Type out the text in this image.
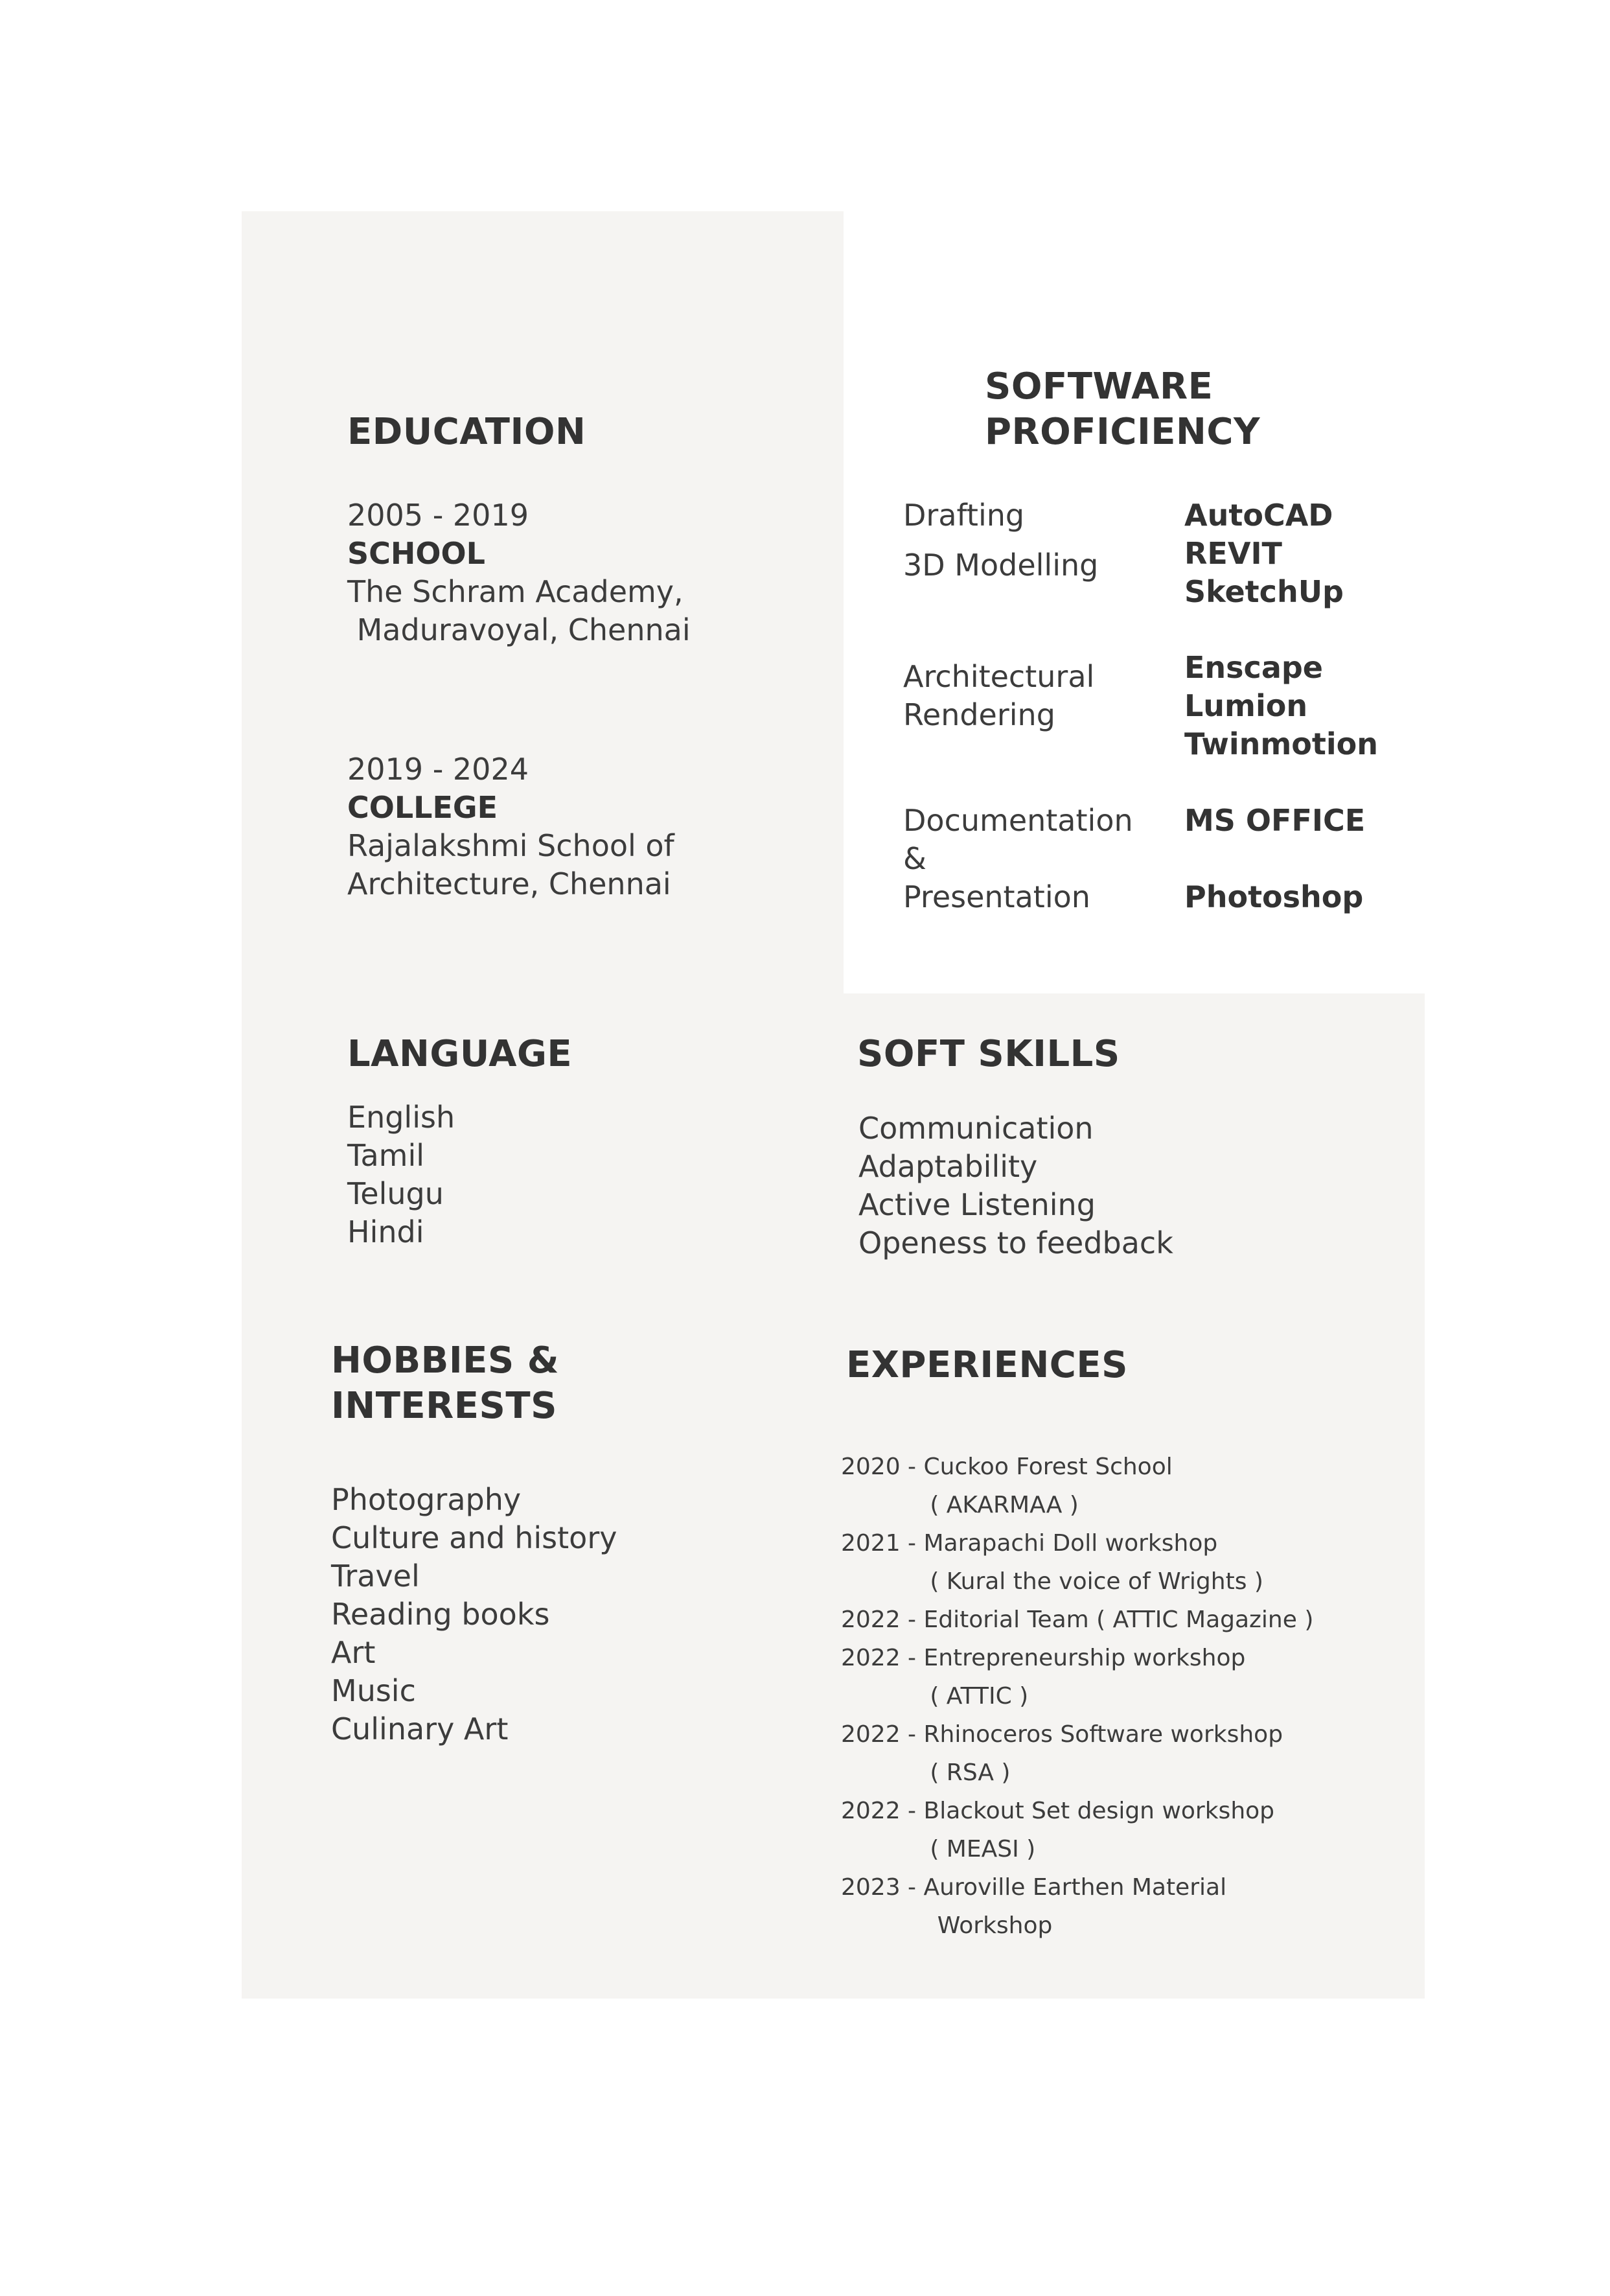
EDUCATION
2005 - 2019
SCHOOL
The Schram Academy,
Maduravoyal, Chennai
2019 - 2024
COLLEGE
Rajalakshmi School of
Architecture, Chennai
SOFTWARE
PROFICIENCY
Drafting
3D Modelling
Architectural
Rendering
Documentation
&
Presentation
AutoCAD
REVIT
SketchUp
Enscape
Lumion
Twinmotion
MS OFFICE
Photoshop
LANGUAGE
English
Tamil
Telugu
Hindi
SOFT SKILLS
Communication
Adaptability
Active Listening
Openess to feedback
HOBBIES &
INTERESTS
Photography
Culture and history
Travel
Reading books
Art
Music
Culinary Art
EXPERIENCES
2020 - Cuckoo Forest School
( AKARMAA )
2021 - Marapachi Doll workshop
( Kural the voice of Wrights )
2022 - Editorial Team ( ATTIC Magazine )
2022 - Entrepreneurship workshop
( ATTIC )
2022 - Rhinoceros Software workshop
( RSA )
2022 - Blackout Set design workshop
( MEASI )
2023 - Auroville Earthen Material
Workshop
